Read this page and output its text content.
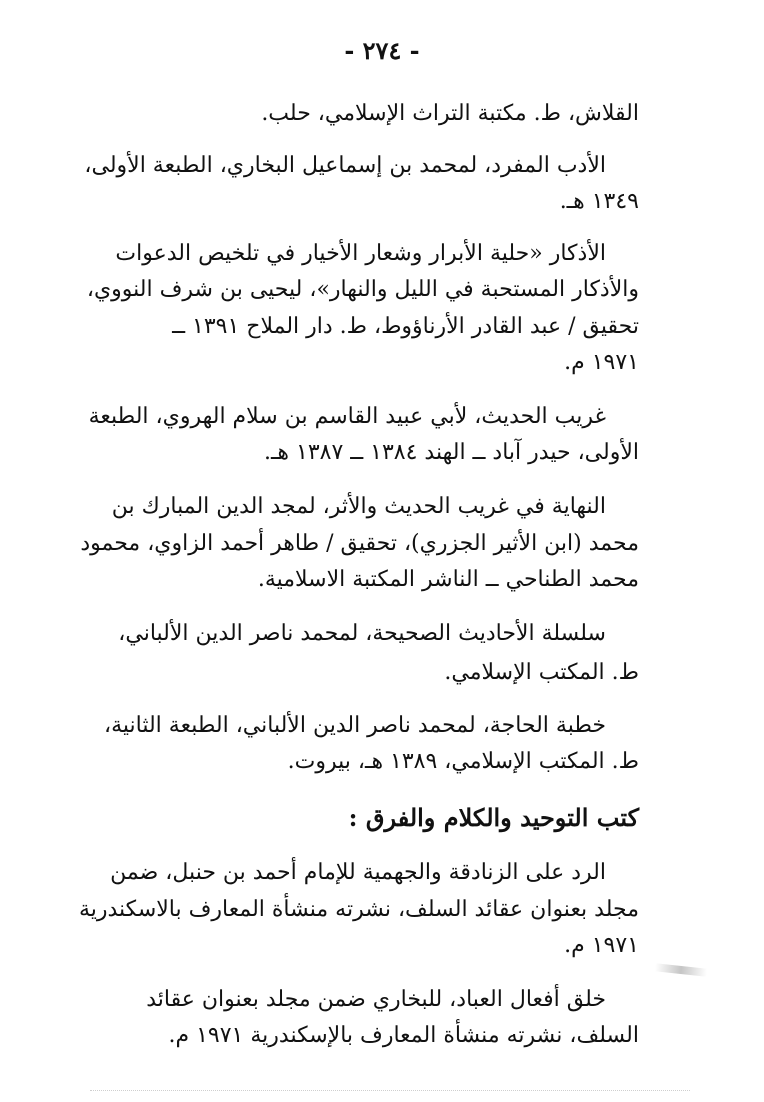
- ٢٧٤ -
القلاش، ط. مكتبة التراث الإسلامي، حلب.
الأدب المفرد، لمحمد بن إسماعيل البخاري، الطبعة الأولى،
١٣٤٩ هـ.
الأذكار «حلية الأبرار وشعار الأخيار في تلخيص الدعوات
والأذكار المستحبة في الليل والنهار»، ليحيى بن شرف النووي،
تحقيق / عبد القادر الأرناؤوط، ط. دار الملاح ١٣٩١ ــ
١٩٧١ م.
غريب الحديث، لأبي عبيد القاسم بن سلام الهروي، الطبعة
الأولى، حيدر آباد ــ الهند ١٣٨٤ ــ ١٣٨٧ هـ.
النهاية في غريب الحديث والأثر، لمجد الدين المبارك بن
محمد (ابن الأثير الجزري)، تحقيق / طاهر أحمد الزاوي، محمود
محمد الطناحي ــ الناشر المكتبة الاسلامية.
سلسلة الأحاديث الصحيحة، لمحمد ناصر الدين الألباني،
ط. المكتب الإسلامي.
خطبة الحاجة، لمحمد ناصر الدين الألباني، الطبعة الثانية،
ط. المكتب الإسلامي، ١٣٨٩ هـ، بيروت.
كتب التوحيد والكلام والفرق :
الرد على الزنادقة والجهمية للإمام أحمد بن حنبل، ضمن
مجلد بعنوان عقائد السلف، نشرته منشأة المعارف بالاسكندرية
١٩٧١ م.
خلق أفعال العباد، للبخاري ضمن مجلد بعنوان عقائد
السلف، نشرته منشأة المعارف بالإسكندرية ١٩٧١ م.
